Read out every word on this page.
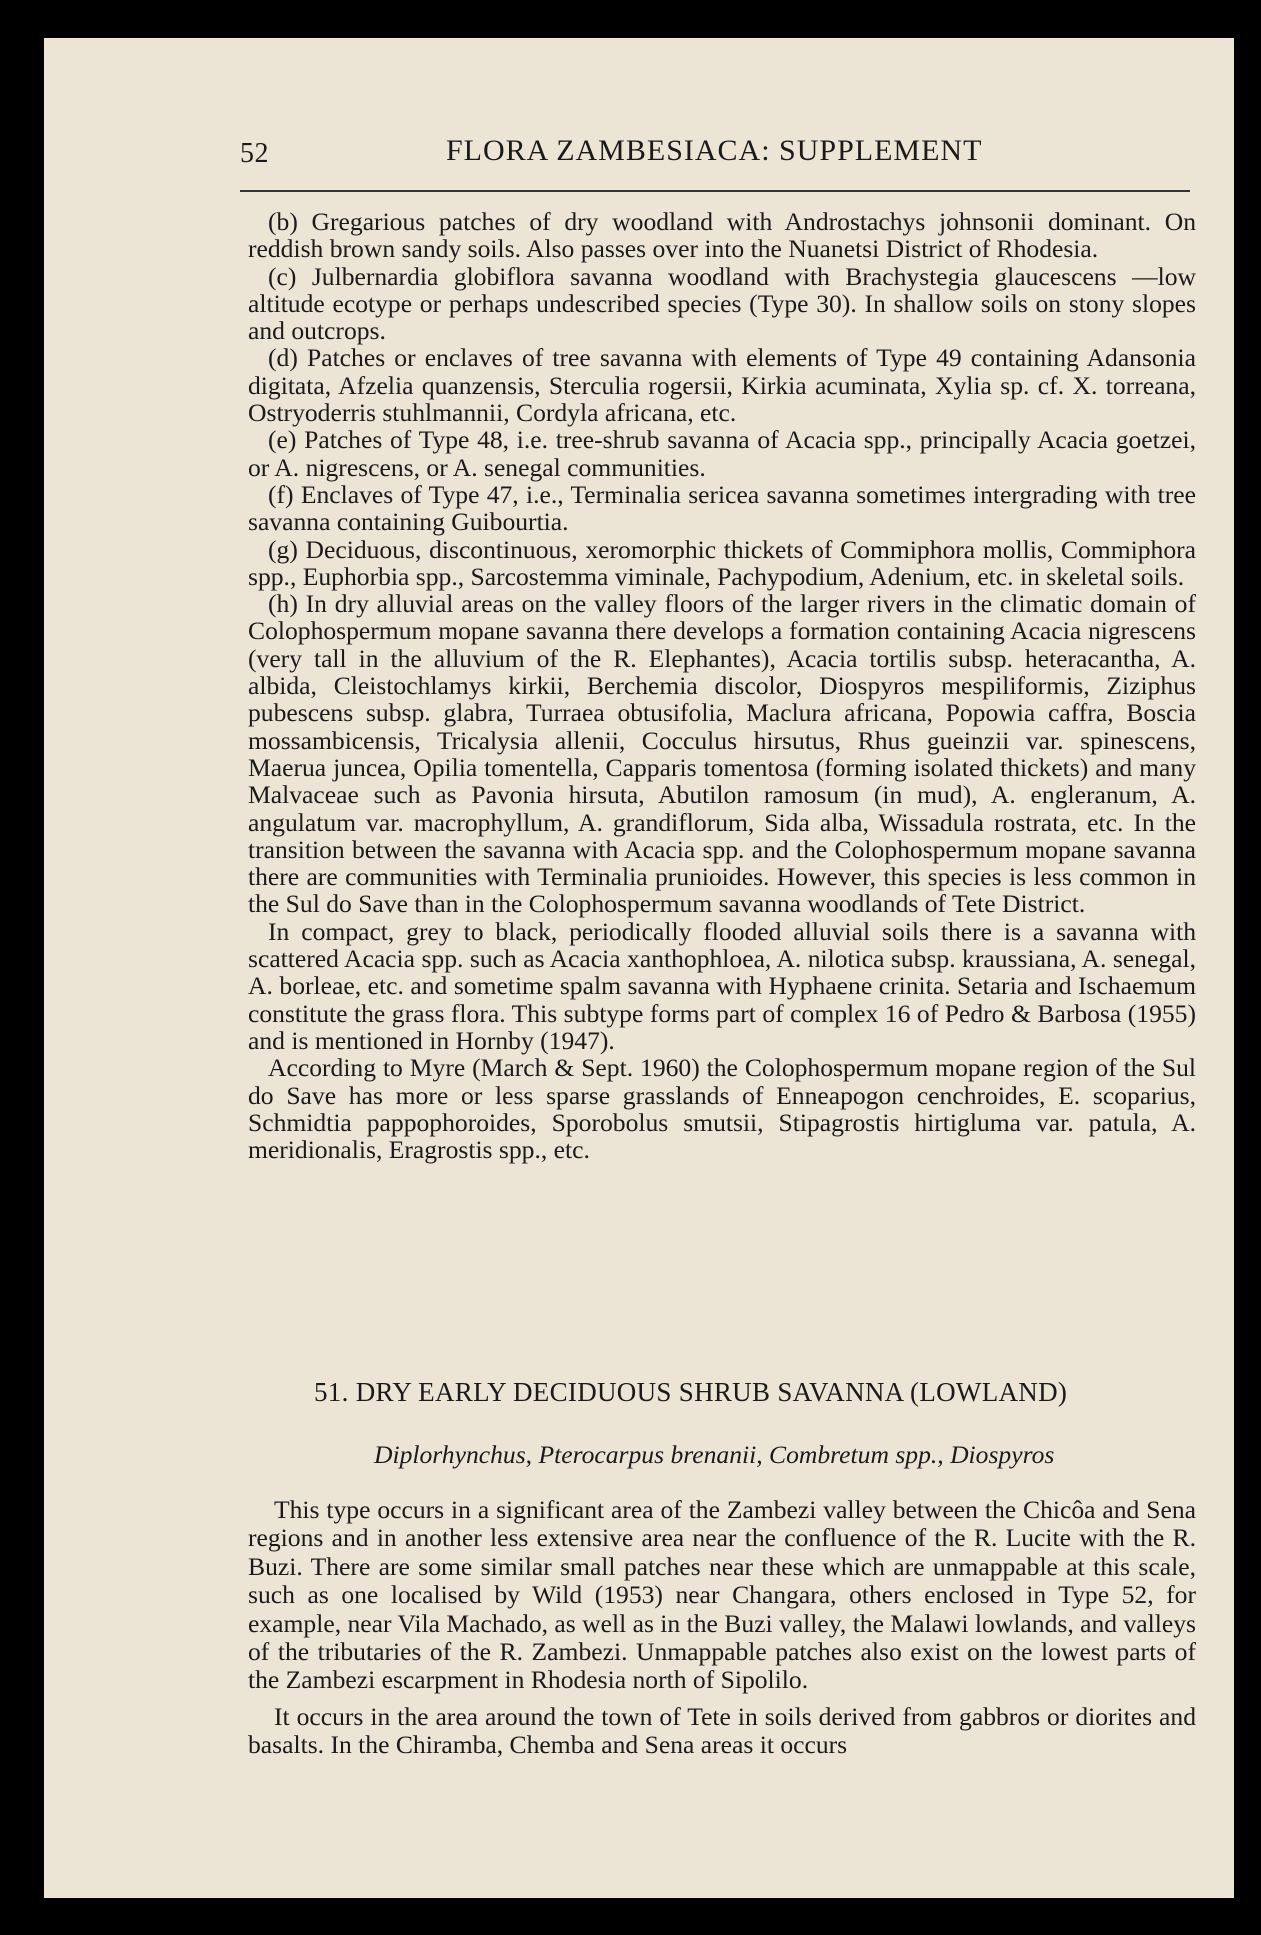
52	FLORA ZAMBESIACA: SUPPLEMENT

(b) Gregarious patches of dry woodland with Androstachys johnsonii dominant. On reddish brown sandy soils. Also passes over into the Nuanetsi District of Rhodesia.

(c) Julbernardia globiflora savanna woodland with Brachystegia glaucescens —low altitude ecotype or perhaps undescribed species (Type 30). In shallow soils on stony slopes and outcrops.

(d) Patches or enclaves of tree savanna with elements of Type 49 containing Adansonia digitata, Afzelia quanzensis, Sterculia rogersii, Kirkia acuminata, Xylia sp. cf. X. torreana, Ostryoderris stuhlmannii, Cordyla africana, etc.

(e) Patches of Type 48, i.e. tree-shrub savanna of Acacia spp., principally Acacia goetzei, or A. nigrescens, or A. senegal communities.

(f) Enclaves of Type 47, i.e., Terminalia sericea savanna sometimes intergrading with tree savanna containing Guibourtia.

(g) Deciduous, discontinuous, xeromorphic thickets of Commiphora mollis, Commiphora spp., Euphorbia spp., Sarcostemma viminale, Pachypodium, Adenium, etc. in skeletal soils.

(h) In dry alluvial areas on the valley floors of the larger rivers in the climatic domain of Colophospermum mopane savanna there develops a formation containing Acacia nigrescens (very tall in the alluvium of the R. Elephantes), Acacia tortilis subsp. heteracantha, A. albida, Cleistochlamys kirkii, Berchemia discolor, Diospyros mespiliformis, Ziziphus pubescens subsp. glabra, Turraea obtusifolia, Maclura africana, Popowia caffra, Boscia mossambicensis, Tricalysia allenii, Cocculus hirsutus, Rhus gueinzii var. spinescens, Maerua juncea, Opilia tomentella, Capparis tomentosa (forming isolated thickets) and many Malvaceae such as Pavonia hirsuta, Abutilon ramosum (in mud), A. engleranum, A. angulatum var. macrophyllum, A. grandiflorum, Sida alba, Wissadula rostrata, etc. In the transition between the savanna with Acacia spp. and the Colophospermum mopane savanna there are communities with Terminalia prunioides. However, this species is less common in the Sul do Save than in the Colophospermum savanna woodlands of Tete District.

In compact, grey to black, periodically flooded alluvial soils there is a savanna with scattered Acacia spp. such as Acacia xanthophloea, A. nilotica subsp. kraussiana, A. senegal, A. borleae, etc. and sometime spalm savanna with Hyphaene crinita. Setaria and Ischaemum constitute the grass flora. This subtype forms part of complex 16 of Pedro & Barbosa (1955) and is mentioned in Hornby (1947).

According to Myre (March & Sept. 1960) the Colophospermum mopane region of the Sul do Save has more or less sparse grasslands of Enneapogon cenchroides, E. scoparius, Schmidtia pappophoroides, Sporobolus smutsii, Stipagrostis hirtigluma var. patula, A. meridionalis, Eragrostis spp., etc.

51. DRY EARLY DECIDUOUS SHRUB SAVANNA (LOWLAND)
Diplorhynchus, Pterocarpus brenanii, Combretum spp., Diospyros

This type occurs in a significant area of the Zambezi valley between the Chicôa and Sena regions and in another less extensive area near the confluence of the R. Lucite with the R. Buzi. There are some similar small patches near these which are unmappable at this scale, such as one localised by Wild (1953) near Changara, others enclosed in Type 52, for example, near Vila Machado, as well as in the Buzi valley, the Malawi lowlands, and valleys of the tributaries of the R. Zambezi. Unmappable patches also exist on the lowest parts of the Zambezi escarpment in Rhodesia north of Sipolilo.

It occurs in the area around the town of Tete in soils derived from gabbros or diorites and basalts. In the Chiramba, Chemba and Sena areas it occurs
